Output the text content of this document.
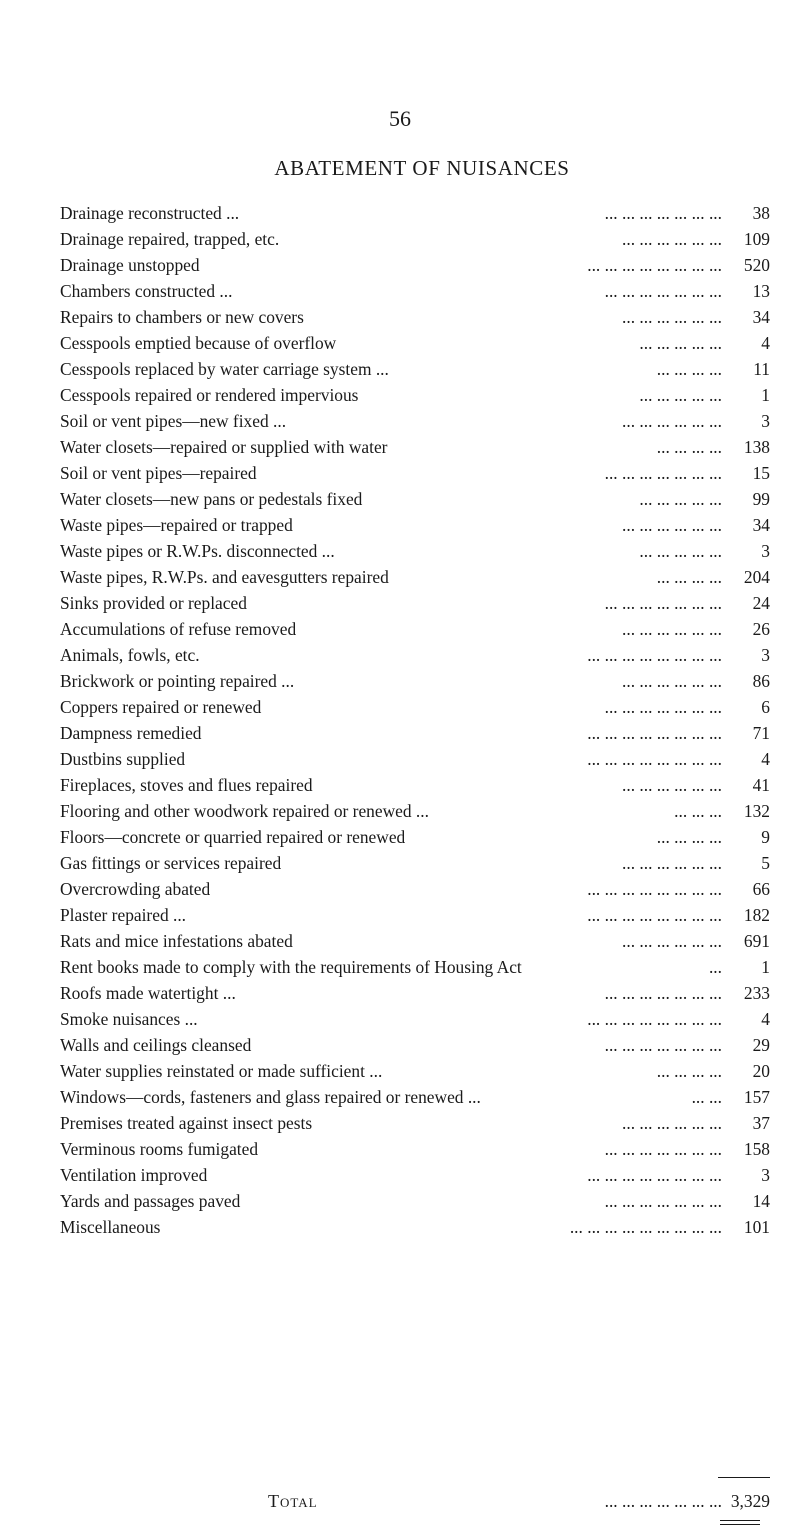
56
ABATEMENT OF NUISANCES
Drainage reconstructed ...	... ... ... ... ... ... ... 38
Drainage repaired, trapped, etc.	... ... ... ... ... ... 109
Drainage unstopped	... ... ... ... ... ... ... ... 520
Chambers constructed ...	... ... ... ... ... ... ... 13
Repairs to chambers or new covers	... ... ... ... ... ... 34
Cesspools emptied because of overflow	... ... ... ... ... 4
Cesspools replaced by water carriage system ...	... ... ... ... 11
Cesspools repaired or rendered impervious	... ... ... ... ... 1
Soil or vent pipes—new fixed ...	... ... ... ... ... ... 3
Water closets—repaired or supplied with water	... ... ... ... 138
Soil or vent pipes—repaired	... ... ... ... ... ... ... 15
Water closets—new pans or pedestals fixed	... ... ... ... ... 99
Waste pipes—repaired or trapped	... ... ... ... ... ... 34
Waste pipes or R.W.Ps. disconnected ...	... ... ... ... ... 3
Waste pipes, R.W.Ps. and eavesgutters repaired	... ... ... ... 204
Sinks provided or replaced	... ... ... ... ... ... ... 24
Accumulations of refuse removed	... ... ... ... ... ... 26
Animals, fowls, etc.	... ... ... ... ... ... ... ... 3
Brickwork or pointing repaired ...	... ... ... ... ... ... 86
Coppers repaired or renewed	... ... ... ... ... ... ... 6
Dampness remedied	... ... ... ... ... ... ... ... 71
Dustbins supplied	... ... ... ... ... ... ... ... 4
Fireplaces, stoves and flues repaired	... ... ... ... ... ... 41
Flooring and other woodwork repaired or renewed ...	... ... ... 132
Floors—concrete or quarried repaired or renewed	... ... ... ... 9
Gas fittings or services repaired	... ... ... ... ... ... 5
Overcrowding abated	... ... ... ... ... ... ... ... 66
Plaster repaired ...	... ... ... ... ... ... ... ... 182
Rats and mice infestations abated	... ... ... ... ... ... 691
Rent books made to comply with the requirements of Housing Act	... 1
Roofs made watertight ...	... ... ... ... ... ... ... 233
Smoke nuisances ...	... ... ... ... ... ... ... ... 4
Walls and ceilings cleansed	... ... ... ... ... ... ... 29
Water supplies reinstated or made sufficient ...	... ... ... ... 20
Windows—cords, fasteners and glass repaired or renewed ...	... ... 157
Premises treated against insect pests	... ... ... ... ... ... 37
Verminous rooms fumigated	... ... ... ... ... ... ... 158
Ventilation improved	... ... ... ... ... ... ... ... 3
Yards and passages paved	... ... ... ... ... ... ... 14
Miscellaneous	... ... ... ... ... ... ... ... ... 101
Total	... ... ... ... ... ... ... 3,329
